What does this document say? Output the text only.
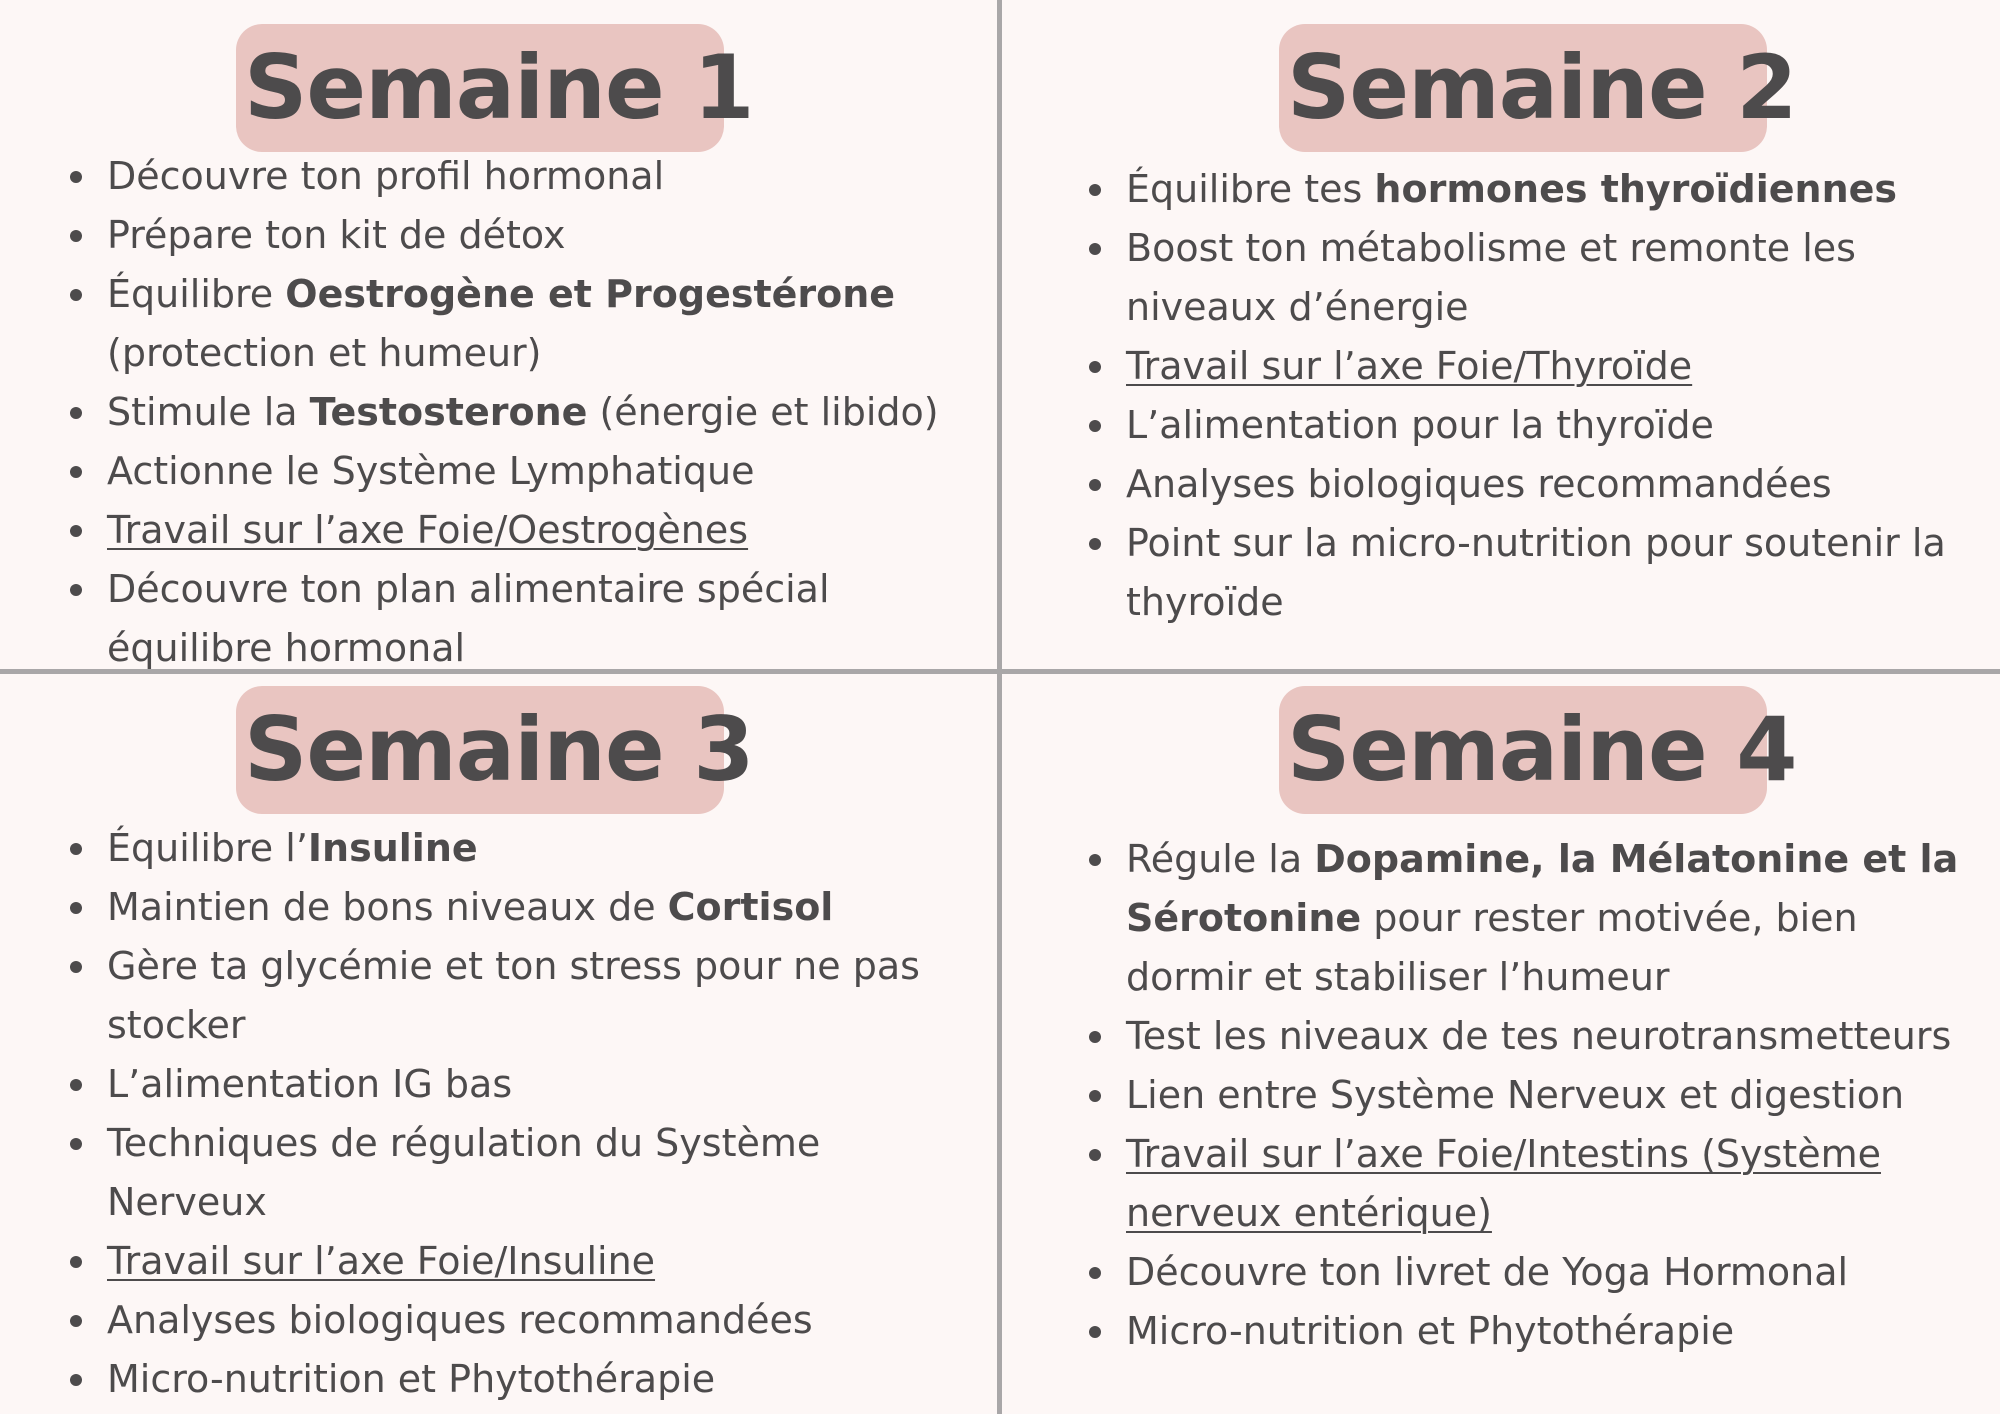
Semaine 1
Découvre ton profil hormonal
Prépare ton kit de détox
Équilibre Oestrogène et Progestérone (protection et humeur)
Stimule la Testosterone (énergie et libido)
Actionne le Système Lymphatique
Travail sur l’axe Foie/Oestrogènes
Découvre ton plan alimentaire spécial équilibre hormonal
Semaine 2
Équilibre tes hormones thyroïdiennes
Boost ton métabolisme et remonte les niveaux d’énergie
Travail sur l’axe Foie/Thyroïde
L’alimentation pour la thyroïde
Analyses biologiques recommandées
Point sur la micro-nutrition pour soutenir la thyroïde
Semaine 3
Équilibre l’Insuline
Maintien de bons niveaux de Cortisol
Gère ta glycémie et ton stress pour ne pas stocker
L’alimentation IG bas
Techniques de régulation du Système Nerveux
Travail sur l’axe Foie/Insuline
Analyses biologiques recommandées
Micro-nutrition et Phytothérapie
Semaine 4
Régule la Dopamine, la Mélatonine et la Sérotonine pour rester motivée, bien dormir et stabiliser l’humeur
Test les niveaux de tes neurotransmetteurs
Lien entre Système Nerveux et digestion
Travail sur l’axe Foie/Intestins (Système nerveux entérique)
Découvre ton livret de Yoga Hormonal
Micro-nutrition et Phytothérapie
